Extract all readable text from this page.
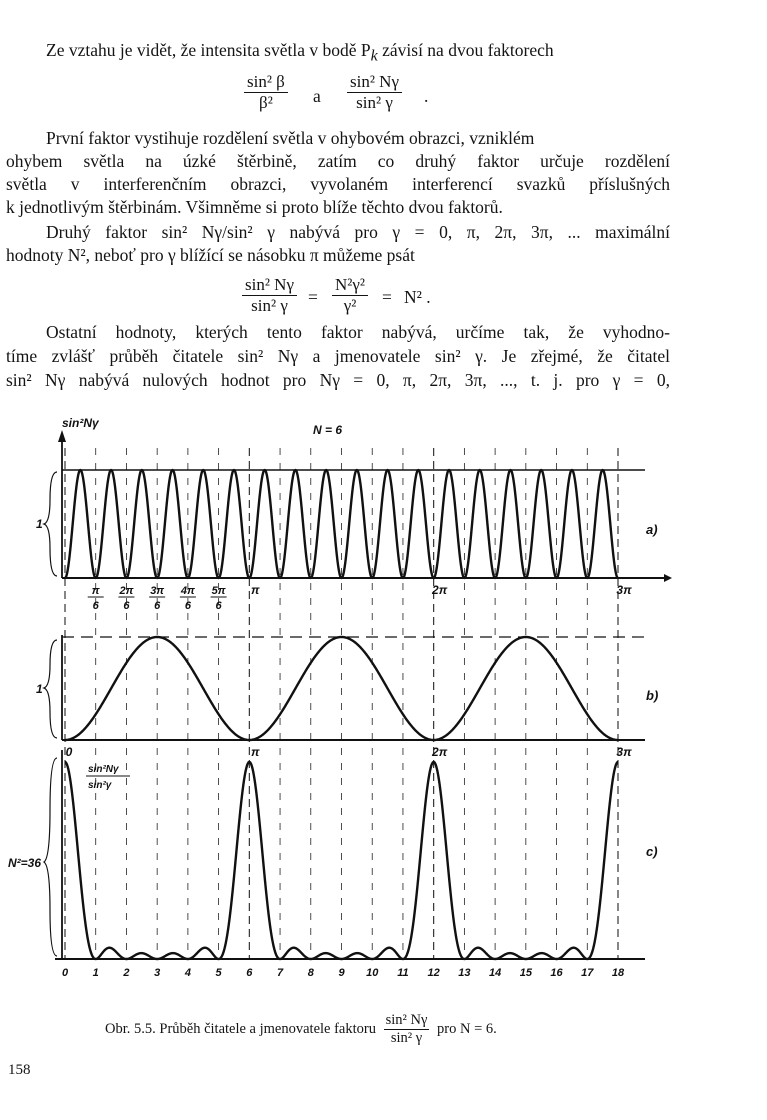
Ze vztahu je vidět, že intensita světla v bodě $P_k$ závisí na dvou faktorech
$\frac{\text{sin² β}}{\text{β²}}$ a	$\frac{\text{sin² Nγ}}{\text{sin² γ}}$ .
První faktor vystihuje rozdělení světla v ohybovém obrazci, vzniklém
ohybem světla na úzké štěrbině, zatím co druhý faktor určuje rozdělení
světla v interferenčním obrazci, vyvolaném interferencí svazků příslušných
k jednotlivým štěrbinám. Všimněme si proto blíže těchto dvou faktorů.
Druhý faktor sin² Nγ/sin² γ nabývá pro γ = 0, π, 2π, 3π, ... maximální
hodnoty N², neboť pro γ blížící se násobku π můžeme psát
$\frac{\text{sin² Nγ}}{\text{sin² γ}} = \frac{\text{N²γ²}}{\text{γ²}} = N^2$ .
Ostatní hodnoty, kterých tento faktor nabývá, určíme tak, že vyhodno-
tíme zvlášť průběh čitatele sin² Nγ a jmenovatele sin² γ. Je zřejmé, že čitatel
sin² Nγ nabývá nulových hodnot pro Nγ = 0, π, 2π, 3π, ..., t. j. pro γ = 0,
sin²Nγ	N = 6
1	a)
π
6
2π
6
3π
6
4π
6
5π
6
π	2π	3π
1	b)
0	π	2π	3π
N²=36
c)
sin²Nγ
sin²γ
0 1 2 3 4 5 6 7 8 9 10 11 12 13 14 15 16 17 18
Obr. 5.5. Průběh čitatele a jmenovatele faktoru $\frac{\text{sin² Nγ}}{\text{sin² γ}}$ pro N = 6.
158
